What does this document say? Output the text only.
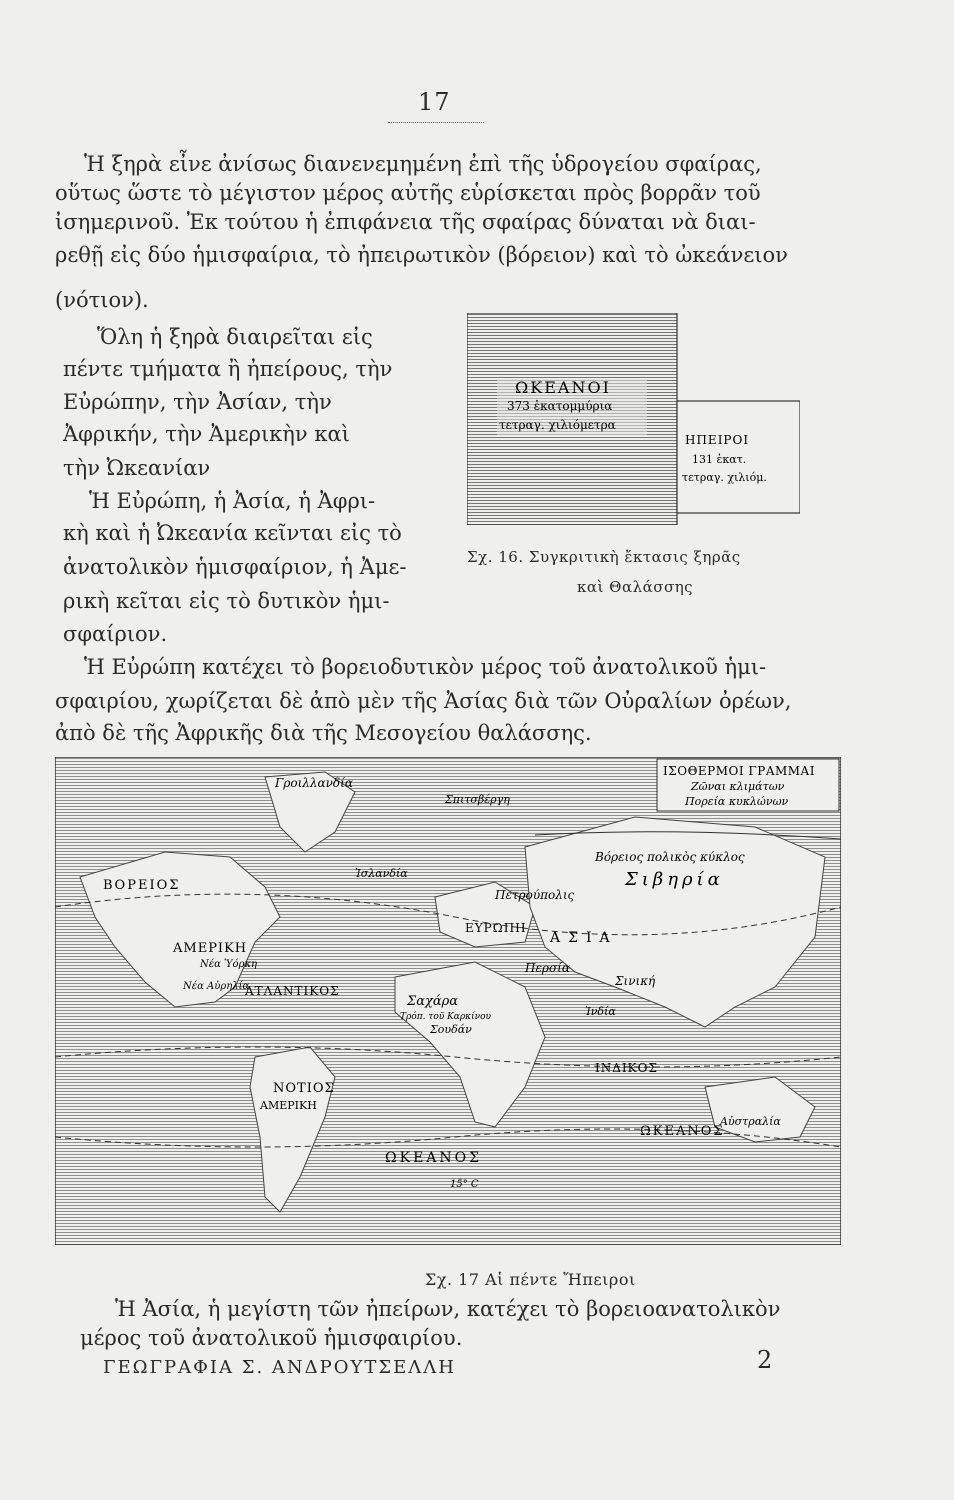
17
Ἡ ξηρὰ εἶνε ἀνίσως διανενεμημένη ἐπὶ τῆς ὑδρογείου σφαίρας,
οὕτως ὥστε τὸ μέγιστον μέρος αὐτῆς εὑρίσκεται πρὸς βορρᾶν τοῦ
ἰσημερινοῦ. Ἐκ τούτου ἡ ἐπιφάνεια τῆς σφαίρας δύναται νὰ διαι-
ρεθῇ εἰς δύο ἡμισφαίρια, τὸ ἠπειρωτικὸν (βόρειον) καὶ τὸ ὠκεάνειον
(νότιον).
Ὅλη ἡ ξηρὰ διαιρεῖται εἰς
πέντε τμήματα ἢ ἠπείρους, τὴν
Εὐρώπην, τὴν Ἀσίαν, τὴν
Ἀφρικήν, τὴν Ἀμερικὴν καὶ
τὴν Ὠκεανίαν
Ἡ Εὐρώπη, ἡ Ἀσία, ἡ Ἀφρι-
κὴ καὶ ἡ Ὠκεανία κεῖνται εἰς τὸ
ἀνατολικὸν ἡμισφαίριον, ἡ Ἀμε-
ρικὴ κεῖται εἰς τὸ δυτικὸν ἡμι-
σφαίριον.
ΩΚΕΑΝΟΙ
373 ἑκατομμύρια
τετραγ. χιλιόμετρα
ΗΠΕΙΡΟΙ
131 ἑκατ.
τετραγ. χιλιόμ.
Σχ. 16. Συγκριτικὴ ἔκτασις ξηρᾶς
καὶ Θαλάσσης
Ἡ Εὐρώπη κατέχει τὸ βορειοδυτικὸν μέρος τοῦ ἀνατολικοῦ ἡμι-
σφαιρίου, χωρίζεται δὲ ἀπὸ μὲν τῆς Ἀσίας διὰ τῶν Οὐραλίων ὀρέων,
ἀπὸ δὲ τῆς Ἀφρικῆς διὰ τῆς Μεσογείου θαλάσσης.
ΙΣΟΘΕΡΜΟΙ ΓΡΑΜΜΑΙ
Ζῶναι κλιμάτων
Πορεία κυκλώνων
Βόρειος πολικὸς κύκλος
Γροιλλανδία
Σπιτσβέργη
ΒΟΡΕΙΟΣ
Ἰσλανδία
Πετρούπολις
Σιβηρία
ΑΜΕΡΙΚΗ
Νέα Ὑόρκη
Νέα Αὐρηλία
ΕΥΡΩΠΗ
ΑΣΙΑ
Περσία
Σινική
ΑΤΛΑΝΤΙΚΟΣ
Σαχάρα
Τρόπ. τοῦ Καρκίνου
Σουδάν
Ἰνδία
ΙΝΔΙΚΟΣ
ΝΟΤΙΟΣ
ΑΜΕΡΙΚΗ
ΩΚΕΑΝΟΣ
ΩΚΕΑΝΟΣ
Αὐστραλία
15° C
Σχ. 17 Αἱ πέντε Ἤπειροι
Ἡ Ἀσία, ἡ μεγίστη τῶν ἠπείρων, κατέχει τὸ βορειοανατολικὸν
μέρος τοῦ ἀνατολικοῦ ἡμισφαιρίου.
ΓΕΩΓΡΑΦΙΑ Σ. ΑΝΔΡΟΥΤΣΕΛΛΗ	2
